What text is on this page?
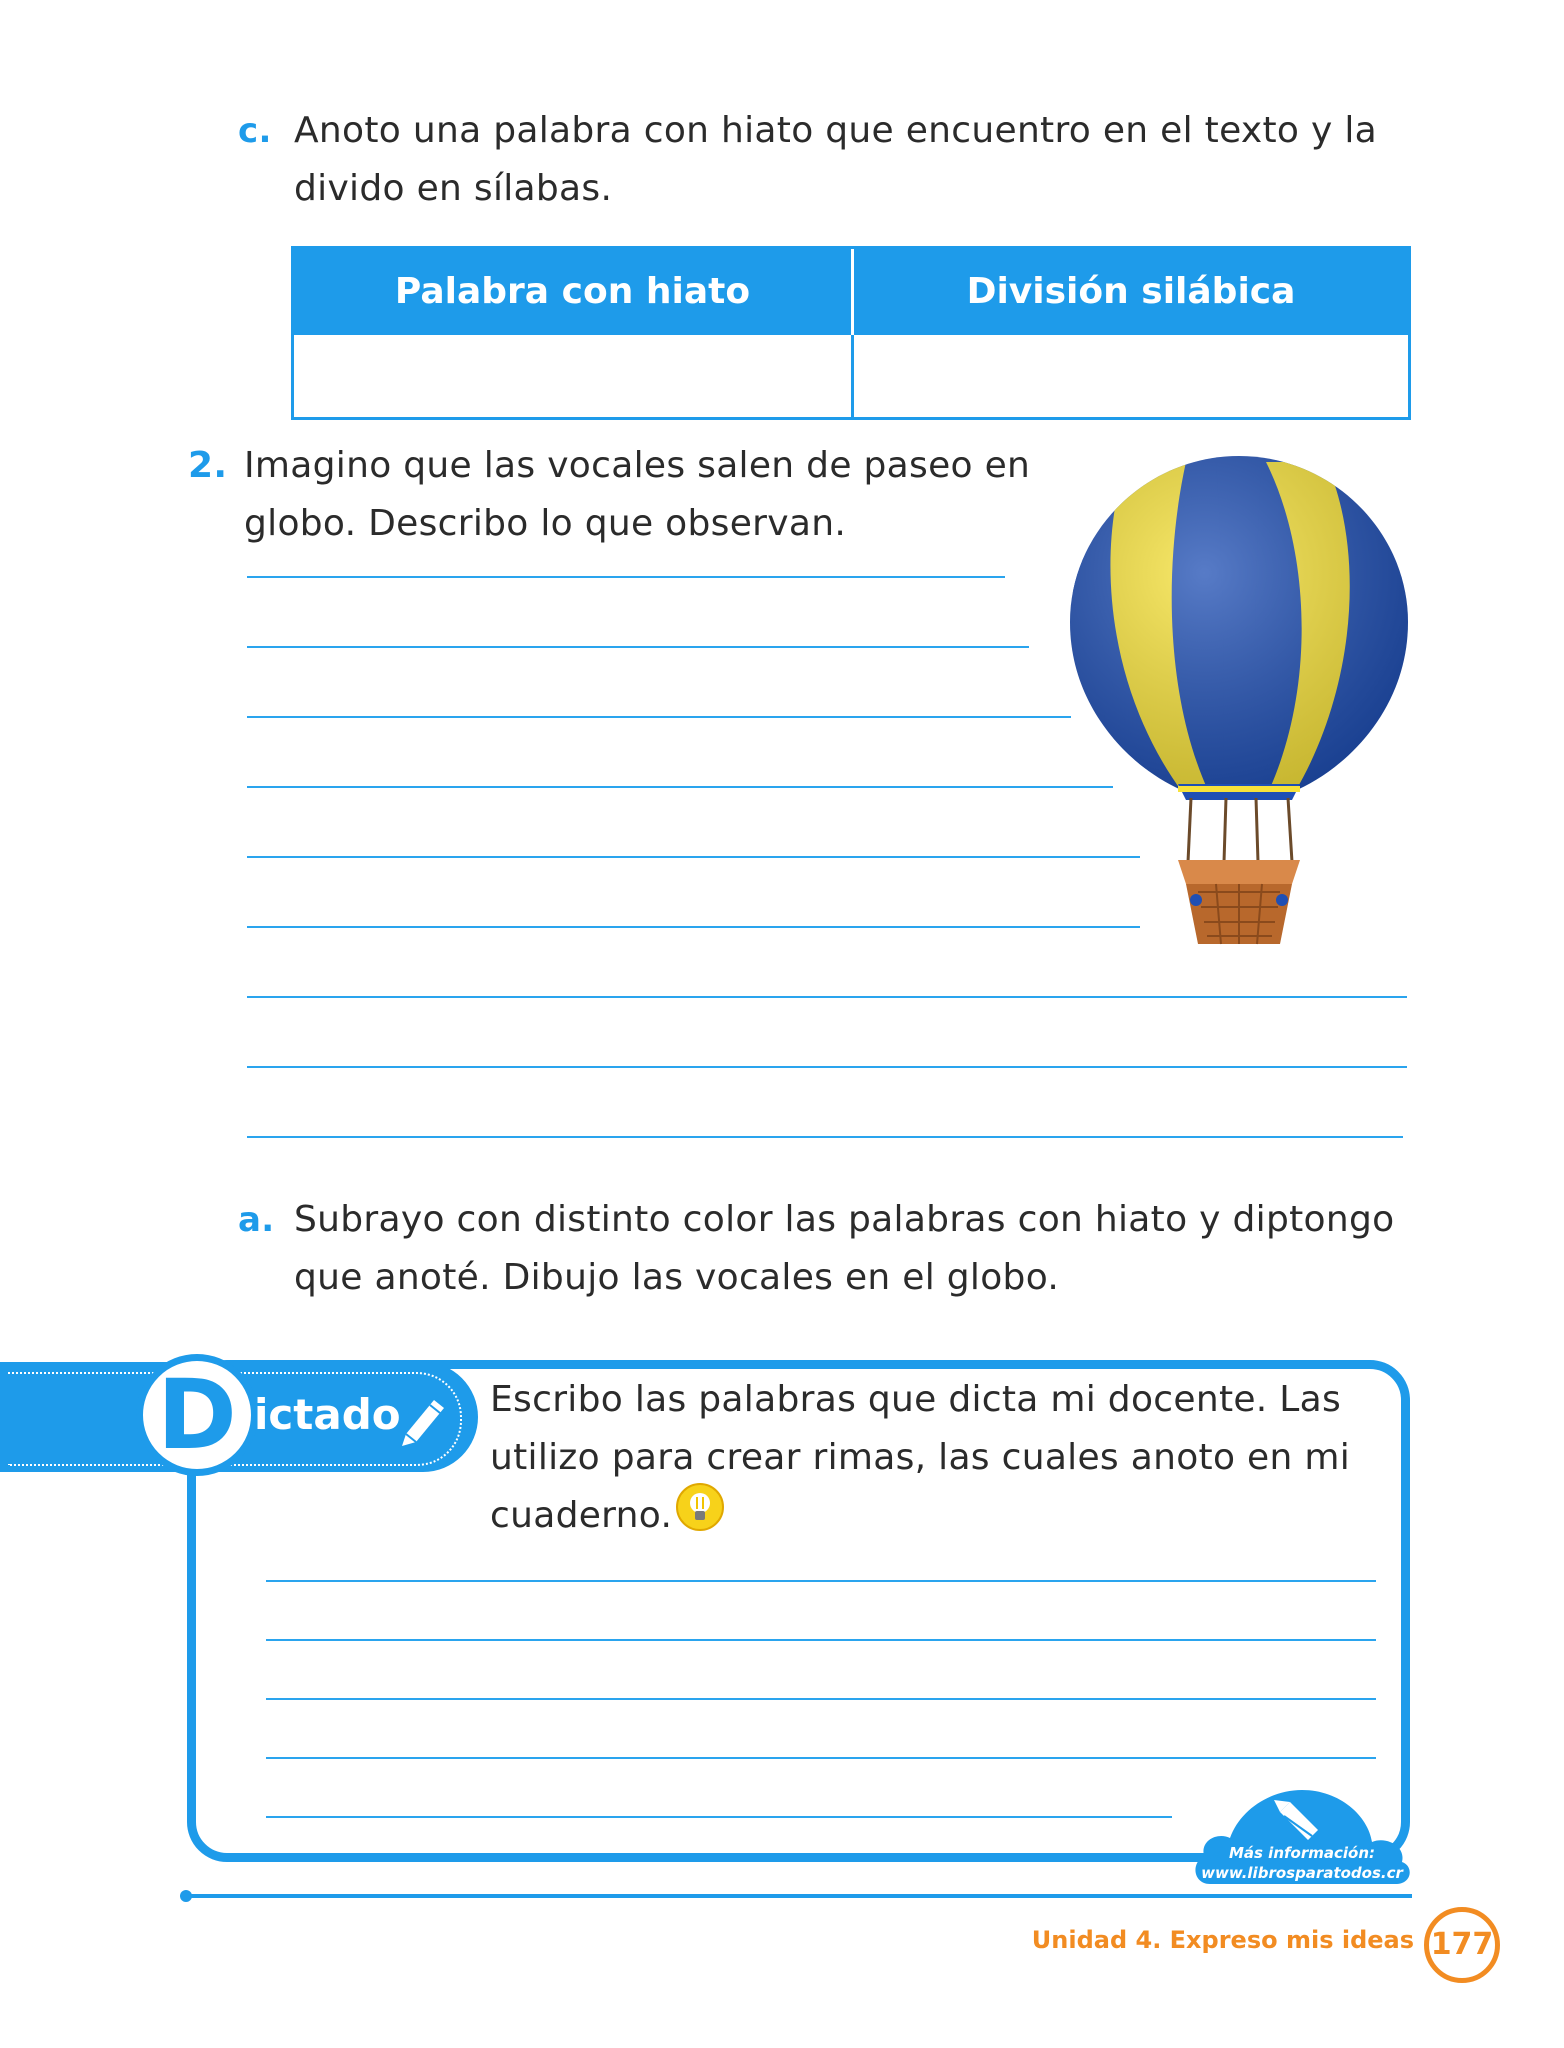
c. Anoto una palabra con hiato que encuentro en el texto y la
divido en sílabas.
Palabra con hiato	División silábica
2. Imagino que las vocales salen de paseo en
globo. Describo lo que observan.
a. Subrayo con distinto color las palabras con hiato y diptongo
que anoté. Dibujo las vocales en el globo.
D ictado Escribo las palabras que dicta mi docente. Las
utilizo para crear rimas, las cuales anoto en mi
cuaderno.
Más información:
www.librosparatodos.cr
Unidad 4. Expreso mis ideas 177
